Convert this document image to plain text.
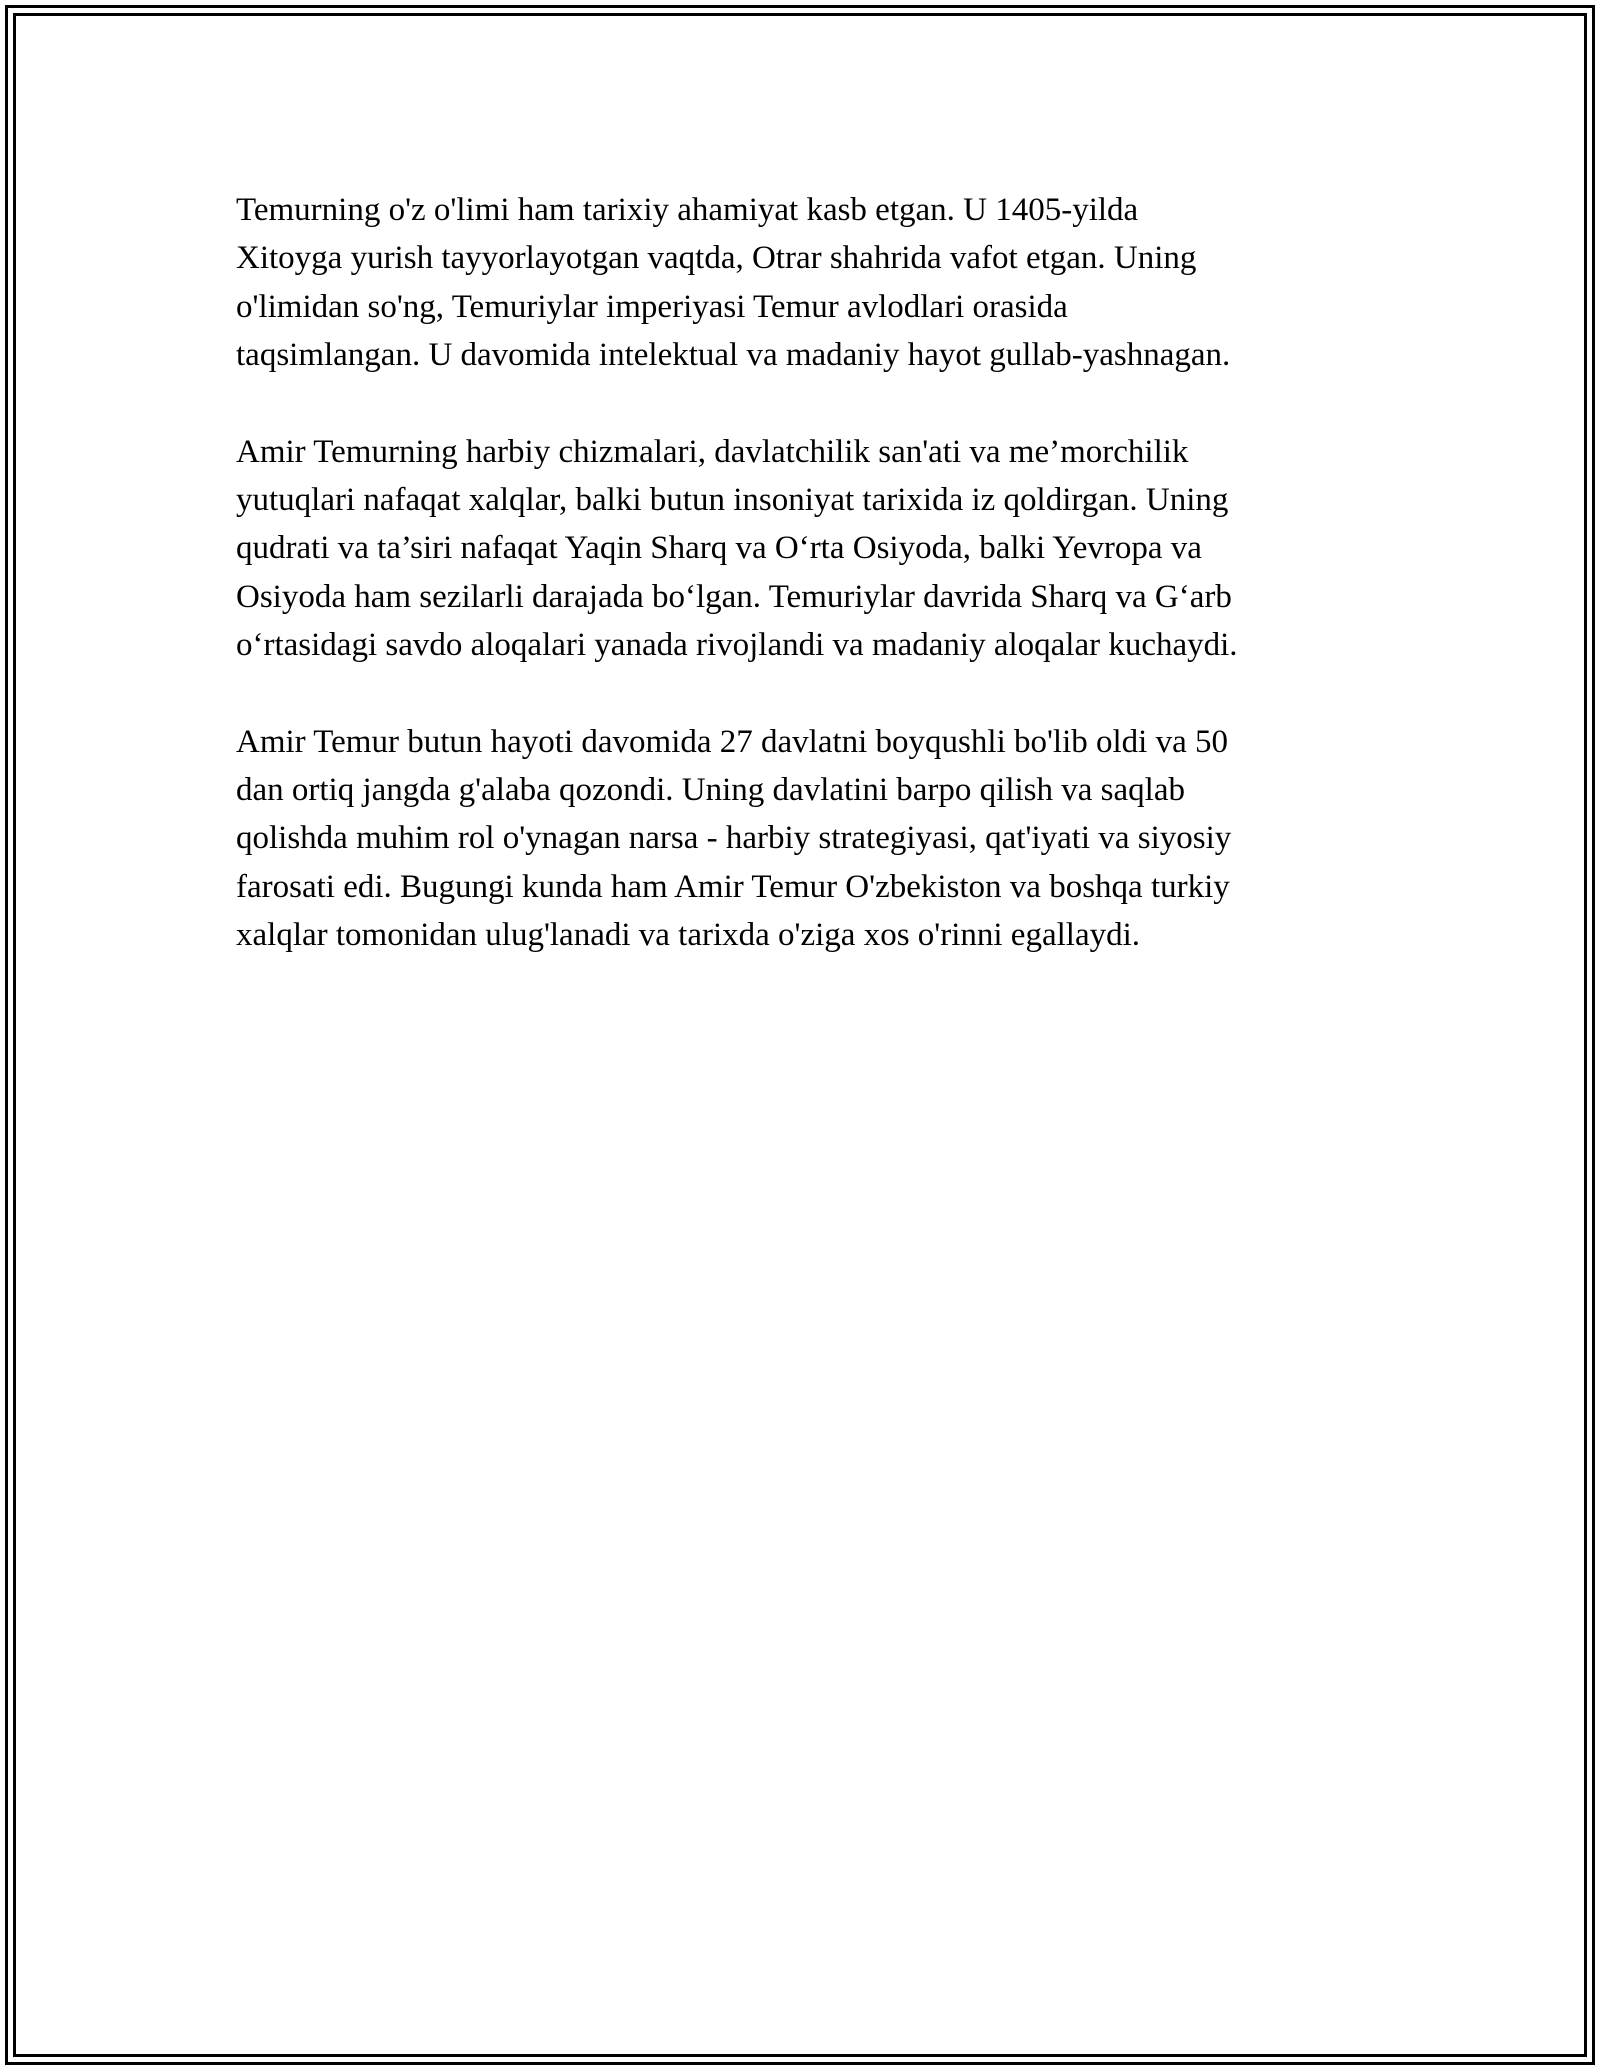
Temurning o'z o'limi ham tarixiy ahamiyat kasb etgan. U 1405-yilda
Xitoyga yurish tayyorlayotgan vaqtda, Otrar shahrida vafot etgan. Uning
o'limidan so'ng, Temuriylar imperiyasi Temur avlodlari orasida
taqsimlangan. U davomida intelektual va madaniy hayot gullab-yashnagan.

Amir Temurning harbiy chizmalari, davlatchilik san'ati va me’morchilik
yutuqlari nafaqat xalqlar, balki butun insoniyat tarixida iz qoldirgan. Uning
qudrati va ta’siri nafaqat Yaqin Sharq va O‘rta Osiyoda, balki Yevropa va
Osiyoda ham sezilarli darajada bo‘lgan. Temuriylar davrida Sharq va G‘arb
o‘rtasidagi savdo aloqalari yanada rivojlandi va madaniy aloqalar kuchaydi.

Amir Temur butun hayoti davomida 27 davlatni boyqushli bo'lib oldi va 50
dan ortiq jangda g'alaba qozondi. Uning davlatini barpo qilish va saqlab
qolishda muhim rol o'ynagan narsa - harbiy strategiyasi, qat'iyati va siyosiy
farosati edi. Bugungi kunda ham Amir Temur O'zbekiston va boshqa turkiy
xalqlar tomonidan ulug'lanadi va tarixda o'ziga xos o'rinni egallaydi.
